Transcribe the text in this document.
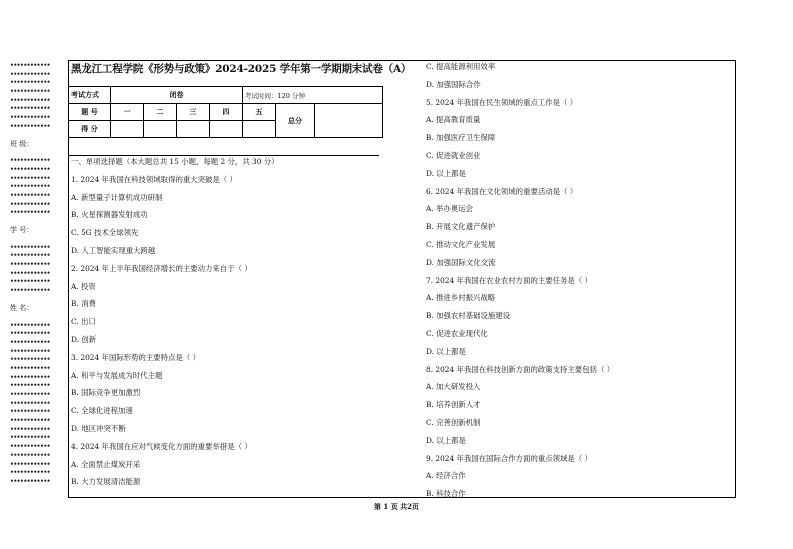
••••••••••••
••••••••••••
••••••••••••
••••••••••••
••••••••••••
••••••••••••
••••••••••••
••••••••••••
班 级：
••••••••••••
••••••••••••
••••••••••••
••••••••••••
••••••••••••
••••••••••••
••••••••••••
学 号：
••••••••••••
••••••••••••
••••••••••••
••••••••••••
••••••••••••
••••••••••••
姓 名：
••••••••••••
••••••••••••
••••••••••••
••••••••••••
••••••••••••
••••••••••••
••••••••••••
••••••••••••
••••••••••••
••••••••••••
••••••••••••
••••••••••••
••••••••••••
••••••••••••
••••••••••••
••••••••••••
••••••••••••
••••••••••••
••••••••••••
黑龙江工程学院《形势与政策》2024-2025 学年第一学期期末试卷（A）
考试方式	闭卷				考试时间：120 分钟		
题 号	一	二	三	四	五	总分	
得 分							
一、单项选择题（本大题总共 15 小题，每题 2 分，共 30 分）
1. 2024 年我国在科技领域取得的重大突破是（ ）
A. 新型量子计算机成功研制
B. 火星探测器发射成功
C. 5G 技术全球领先
D. 人工智能实现重大跨越
2. 2024 年上半年我国经济增长的主要动力来自于（ ）
A. 投资
B. 消费
C. 出口
D. 创新
3. 2024 年国际形势的主要特点是（ ）
A. 和平与发展成为时代主题
B. 国际竞争更加激烈
C. 全球化进程加速
D. 地区冲突不断
4. 2024 年我国在应对气候变化方面的重要举措是（ ）
A. 全面禁止煤炭开采
B. 大力发展清洁能源
C. 提高能源利用效率
D. 加强国际合作
5. 2024 年我国在民生领域的重点工作是（ ）
A. 提高教育质量
B. 加强医疗卫生保障
C. 促进就业创业
D. 以上都是
6. 2024 年我国在文化领域的重要活动是（ ）
A. 举办奥运会
B. 开展文化遗产保护
C. 推动文化产业发展
D. 加强国际文化交流
7. 2024 年我国在农业农村方面的主要任务是（ ）
A. 推进乡村振兴战略
B. 加强农村基础设施建设
C. 促进农业现代化
D. 以上都是
8. 2024 年我国在科技创新方面的政策支持主要包括（ ）
A. 加大研发投入
B. 培养创新人才
C. 完善创新机制
D. 以上都是
9. 2024 年我国在国际合作方面的重点领域是（ ）
A. 经济合作
B. 科技合作
第 1 页 共2页
